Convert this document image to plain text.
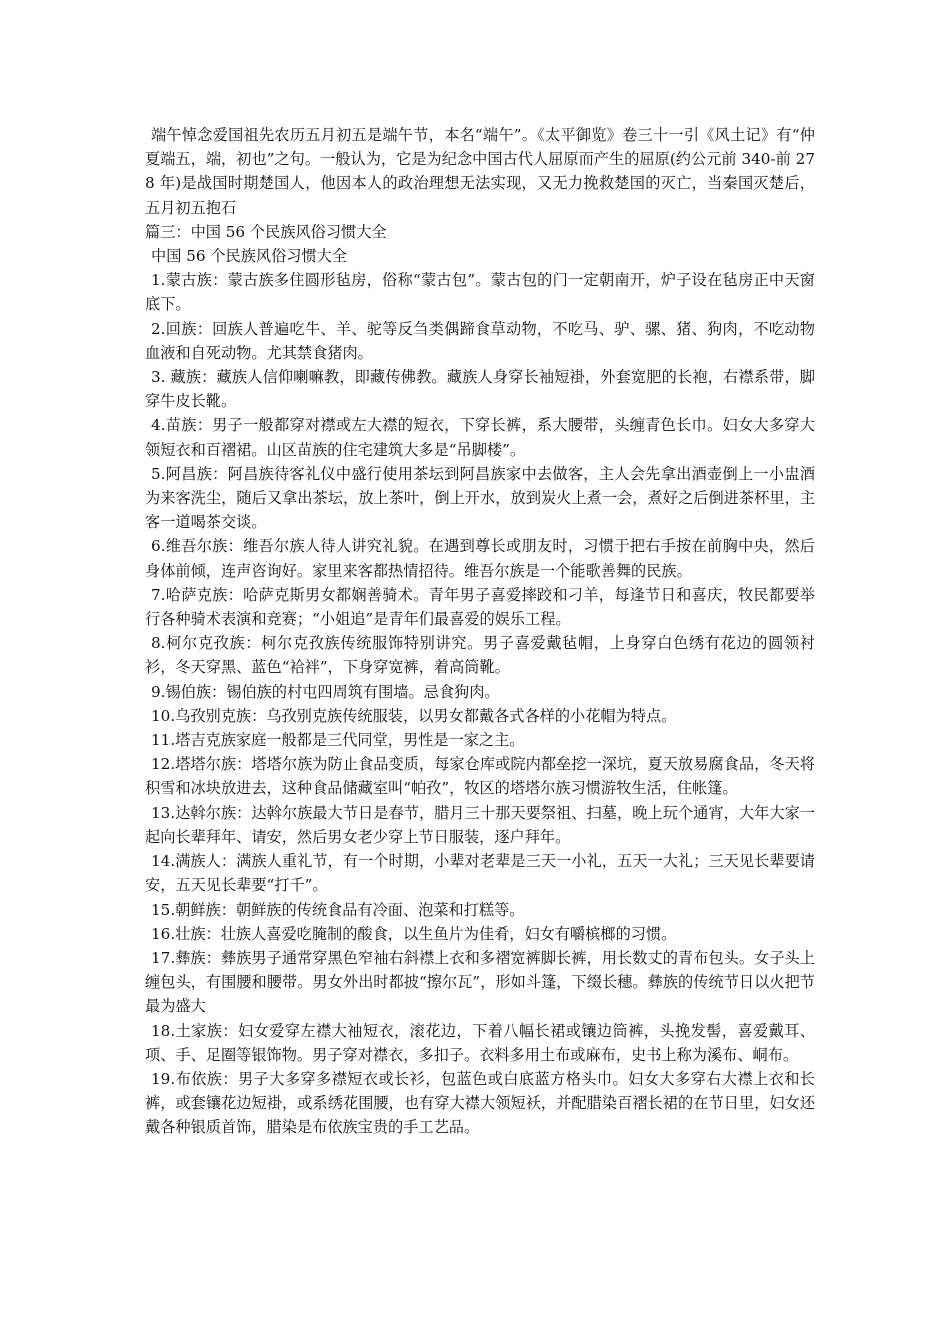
端午悼念爱国祖先农历五月初五是端午节，本名“端午”。《太平御览》卷三十一引《风土记》有“仲夏端五，端，初也”之句。一般认为，它是为纪念中国古代人屈原而产生的屈原(约公元前 340-前 278 年)是战国时期楚国人，他因本人的政治理想无法实现，又无力挽救楚国的灭亡，当秦国灭楚后，五月初五抱石

篇三：中国 56 个民族风俗习惯大全

中国 56 个民族风俗习惯大全

1.蒙古族：蒙古族多住圆形毡房，俗称“蒙古包”。蒙古包的门一定朝南开，炉子设在毡房正中天窗底下。

2.回族：回族人普遍吃牛、羊、驼等反刍类偶蹄食草动物，不吃马、驴、骡、猪、狗肉，不吃动物血液和自死动物。尤其禁食猪肉。

3. 藏族：藏族人信仰喇嘛教，即藏传佛教。藏族人身穿长袖短褂，外套宽肥的长袍，右襟系带，脚穿牛皮长靴。

4.苗族：男子一般都穿对襟或左大襟的短衣，下穿长裤，系大腰带，头缠青色长巾。妇女大多穿大领短衣和百褶裙。山区苗族的住宅建筑大多是“吊脚楼”。

5.阿昌族：阿昌族待客礼仪中盛行使用茶坛到阿昌族家中去做客，主人会先拿出酒壶倒上一小盅酒为来客洗尘，随后又拿出茶坛，放上茶叶，倒上开水，放到炭火上煮一会，煮好之后倒进茶杯里，主客一道喝茶交谈。

6.维吾尔族：维吾尔族人待人讲究礼貌。在遇到尊长或朋友时，习惯于把右手按在前胸中央，然后身体前倾，连声咨询好。家里来客都热情招待。维吾尔族是一个能歌善舞的民族。

7.哈萨克族：哈萨克斯男女都娴善骑术。青年男子喜爱摔跤和刁羊，每逢节日和喜庆，牧民都要举行各种骑术表演和竞赛；“小姐追”是青年们最喜爱的娱乐工程。

8.柯尔克孜族：柯尔克孜族传统服饰特别讲究。男子喜爱戴毡帽，上身穿白色绣有花边的圆领衬衫，冬天穿黑、蓝色“袷袢”，下身穿宽裤，着高筒靴。

9.锡伯族：锡伯族的村屯四周筑有围墙。忌食狗肉。

10.乌孜别克族：乌孜别克族传统服装，以男女都戴各式各样的小花帽为特点。

11.塔吉克族家庭一般都是三代同堂，男性是一家之主。

12.塔塔尔族：塔塔尔族为防止食品变质，每家仓库或院内都垒挖一深坑，夏天放易腐食品，冬天将积雪和冰块放进去，这种食品储藏室叫“帕孜”，牧区的塔塔尔族习惯游牧生活，住帐篷。

13.达斡尔族：达斡尔族最大节日是春节，腊月三十那天要祭祖、扫墓，晚上玩个通宵，大年大家一起向长辈拜年、请安，然后男女老少穿上节日服装，逐户拜年。

14.满族人：满族人重礼节，有一个时期，小辈对老辈是三天一小礼，五天一大礼；三天见长辈要请安，五天见长辈要“打千”。

15.朝鲜族：朝鲜族的传统食品有冷面、泡菜和打糕等。

16.壮族：壮族人喜爱吃腌制的酸食，以生鱼片为佳肴，妇女有嚼槟榔的习惯。

17.彝族：彝族男子通常穿黑色窄袖右斜襟上衣和多褶宽裤脚长裤，用长数丈的青布包头。女子头上缠包头，有围腰和腰带。男女外出时都披“擦尔瓦”，形如斗篷，下缀长穗。彝族的传统节日以火把节最为盛大

18.土家族：妇女爱穿左襟大袖短衣，滚花边，下着八幅长裙或镶边筒裤，头挽发髻，喜爱戴耳、项、手、足圈等银饰物。男子穿对襟衣，多扣子。衣料多用土布或麻布，史书上称为溪布、峒布。

19.布依族：男子大多穿多襟短衣或长衫，包蓝色或白底蓝方格头巾。妇女大多穿右大襟上衣和长裤，或套镶花边短褂，或系绣花围腰，也有穿大襟大领短袄，并配腊染百褶长裙的在节日里，妇女还戴各种银质首饰，腊染是布依族宝贵的手工艺品。
